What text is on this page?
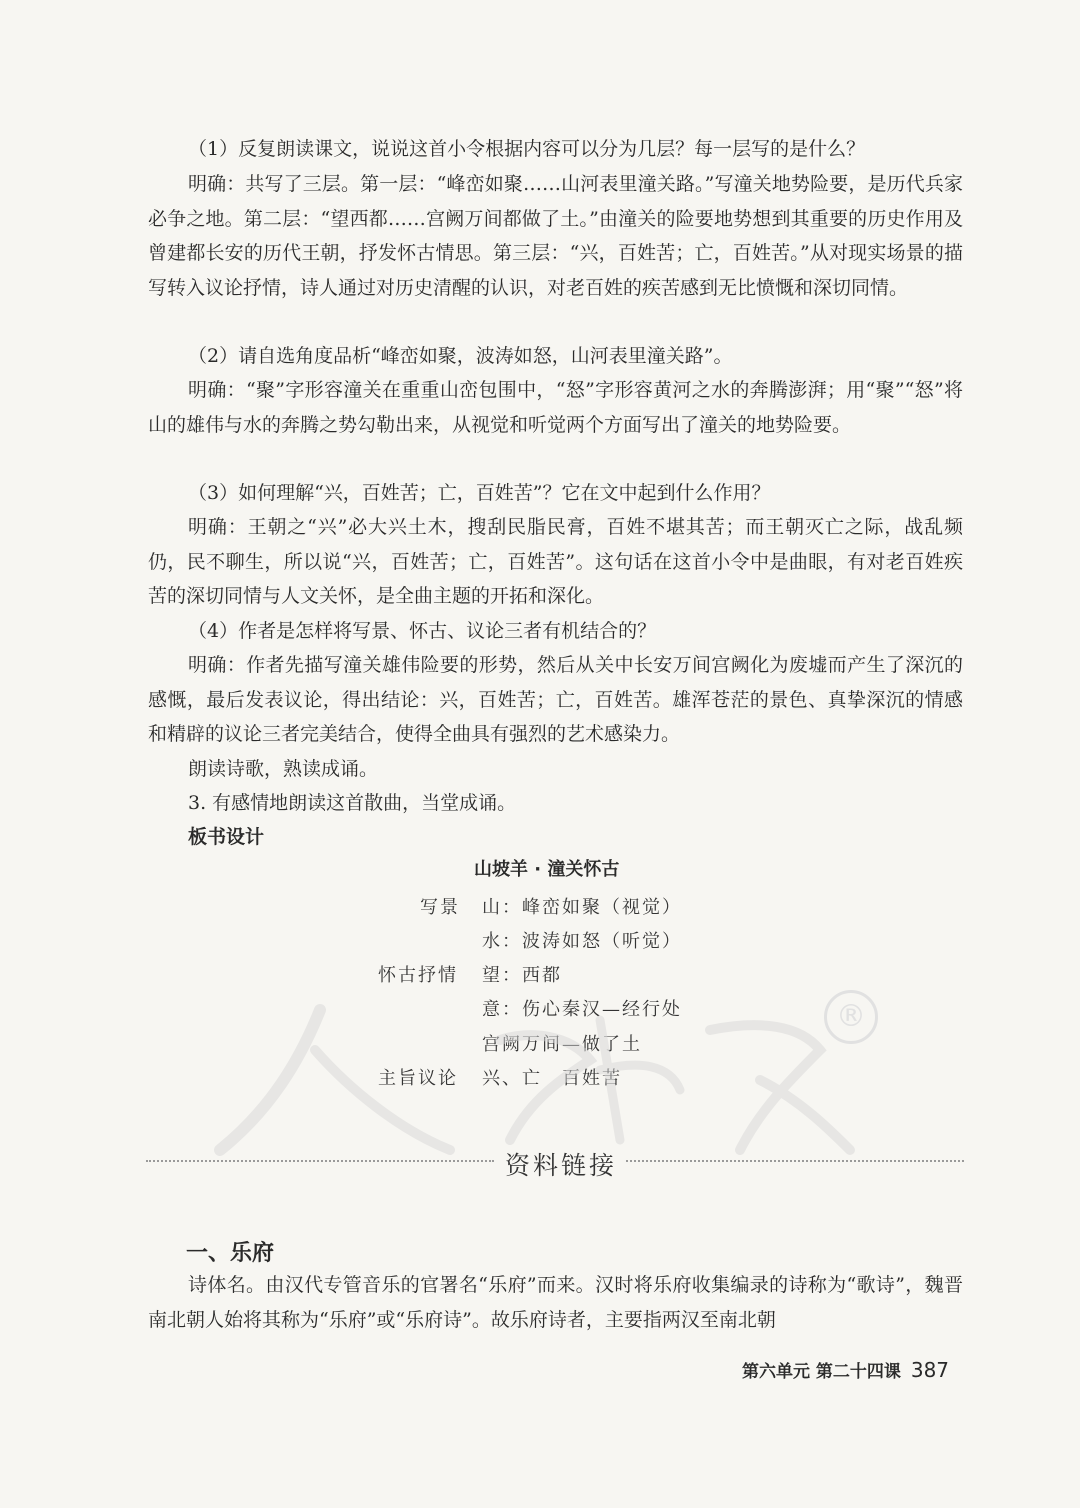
（1）反复朗读课文，说说这首小令根据内容可以分为几层？每一层写的是什么？

明确：共写了三层。第一层：“峰峦如聚……山河表里潼关路。”写潼关地势险要，是历代兵家必争之地。第二层：“望西都……宫阙万间都做了土。”由潼关的险要地势想到其重要的历史作用及曾建都长安的历代王朝，抒发怀古情思。第三层：“兴，百姓苦；亡，百姓苦。”从对现实场景的描写转入议论抒情，诗人通过对历史清醒的认识，对老百姓的疾苦感到无比愤慨和深切同情。

（2）请自选角度品析“峰峦如聚，波涛如怒，山河表里潼关路”。

明确：“聚”字形容潼关在重重山峦包围中，“怒”字形容黄河之水的奔腾澎湃；用“聚”“怒”将山的雄伟与水的奔腾之势勾勒出来，从视觉和听觉两个方面写出了潼关的地势险要。

（3）如何理解“兴，百姓苦；亡，百姓苦”？它在文中起到什么作用？

明确：王朝之“兴”必大兴土木，搜刮民脂民膏，百姓不堪其苦；而王朝灭亡之际，战乱频仍，民不聊生，所以说“兴，百姓苦；亡，百姓苦”。这句话在这首小令中是曲眼，有对老百姓疾苦的深切同情与人文关怀，是全曲主题的开拓和深化。

（4）作者是怎样将写景、怀古、议论三者有机结合的？

明确：作者先描写潼关雄伟险要的形势，然后从关中长安万间宫阙化为废墟而产生了深沉的感慨，最后发表议论，得出结论：兴，百姓苦；亡，百姓苦。雄浑苍茫的景色、真挚深沉的情感和精辟的议论三者完美结合，使得全曲具有强烈的艺术感染力。

朗读诗歌，熟读成诵。

3. 有感情地朗读这首散曲，当堂成诵。

板书设计

山坡羊 · 潼关怀古
写景 山：峰峦如聚（视觉）
水：波涛如怒（听觉）
怀古抒情 望：西都
意：伤心秦汉—经行处
宫阙万间—做了土
主旨议论 兴、亡　百姓苦
®
资料链接
一、乐府

诗体名。由汉代专管音乐的官署名“乐府”而来。汉时将乐府收集编录的诗称为“歌诗”，魏晋南北朝人始将其称为“乐府”或“乐府诗”。故乐府诗者，主要指两汉至南北朝

第六单元 第二十四课 387
